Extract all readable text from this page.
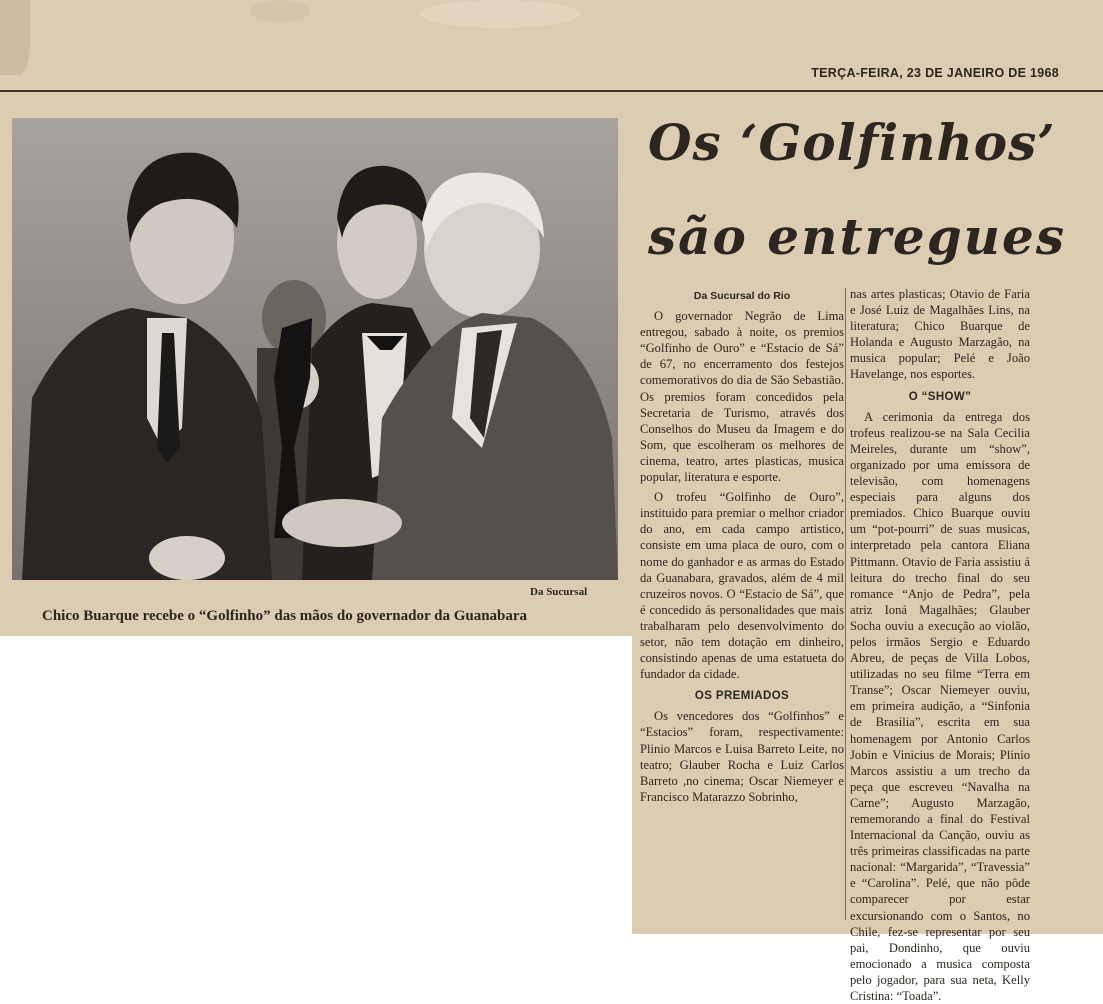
TERÇA-FEIRA, 23 DE JANEIRO DE 1968
Da Sucursal
Chico Buarque recebe o “Golfinho” das mãos do governador da Guanabara
Os ‘Golfinhos’
são entregues
Da Sucursal do Rio

O governador Negrão de Lima entregou, sabado à noite, os premios “Golfinho de Ouro” e “Estacio de Sá” de 67, no encerramento dos festejos comemorativos do dia de São Sebastião. Os premios foram concedidos pela Secretaria de Turismo, através dos Conselhos do Museu da Imagem e do Som, que escolheram os melhores de cinema, teatro, artes plasticas, musica popular, literatura e esporte.

O trofeu “Golfinho de Ouro”, instituido para premiar o melhor criador do ano, em cada campo artistico, consiste em uma placa de ouro, com o nome do ganhador e as armas do Estado da Guanabara, gravados, além de 4 mil cruzeiros novos. O “Estacio de Sá”, que é concedido ás personalidades que mais trabalharam pelo desenvolvimento do setor, não tem dotação em dinheiro, consistindo apenas de uma estatueta do fundador da cidade.

OS PREMIADOS

Os vencedores dos “Golfinhos” e “Estacios” foram, respectivamente: Plinio Marcos e Luisa Barreto Leite, no teatro; Glauber Rocha e Luiz Carlos Barreto ,no cinema; Oscar Niemeyer e Francisco Matarazzo Sobrinho,

nas artes plasticas; Otavio de Faria e José Luiz de Magalhães Lins, na literatura; Chico Buarque de Holanda e Augusto Marzagão, na musica popular; Pelé e João Havelange, nos esportes.

O “SHOW”

A cerimonia da entrega dos trofeus realizou-se na Sala Cecilia Meireles, durante um “show”, organizado por uma emissora de televisão, com homenagens especiais para alguns dos premiados. Chico Buarque ouviu um “pot-pourri” de suas musicas, interpretado pela cantora Eliana Pittmann. Otavio de Faria assistiu á leitura do trecho final do seu romance “Anjo de Pedra”, pela atriz Ioná Magalhães; Glauber Socha ouviu a execução ao violão, pelos irmãos Sergio e Eduardo Abreu, de peças de Villa Lobos, utilizadas no seu filme “Terra em Transe”; Oscar Niemeyer ouviu, em primeira audição, a “Sinfonia de Brasilia”, escrita em sua homenagem por Antonio Carlos Jobin e Vinicius de Morais; Plinio Marcos assistiu a um trecho da peça que escreveu “Navalha na Carne”; Augusto Marzagão, rememorando a final do Festival Internacional da Canção, ouviu as três primeiras classificadas na parte nacional: “Margarida”, “Travessia” e “Carolina”. Pelé, que não pôde comparecer por estar excursionando com o Santos, no Chile, fez-se representar por seu pai, Dondinho, que ouviu emocionado a musica composta pelo jogador, para sua neta, Kelly Cristina: “Toada”.
